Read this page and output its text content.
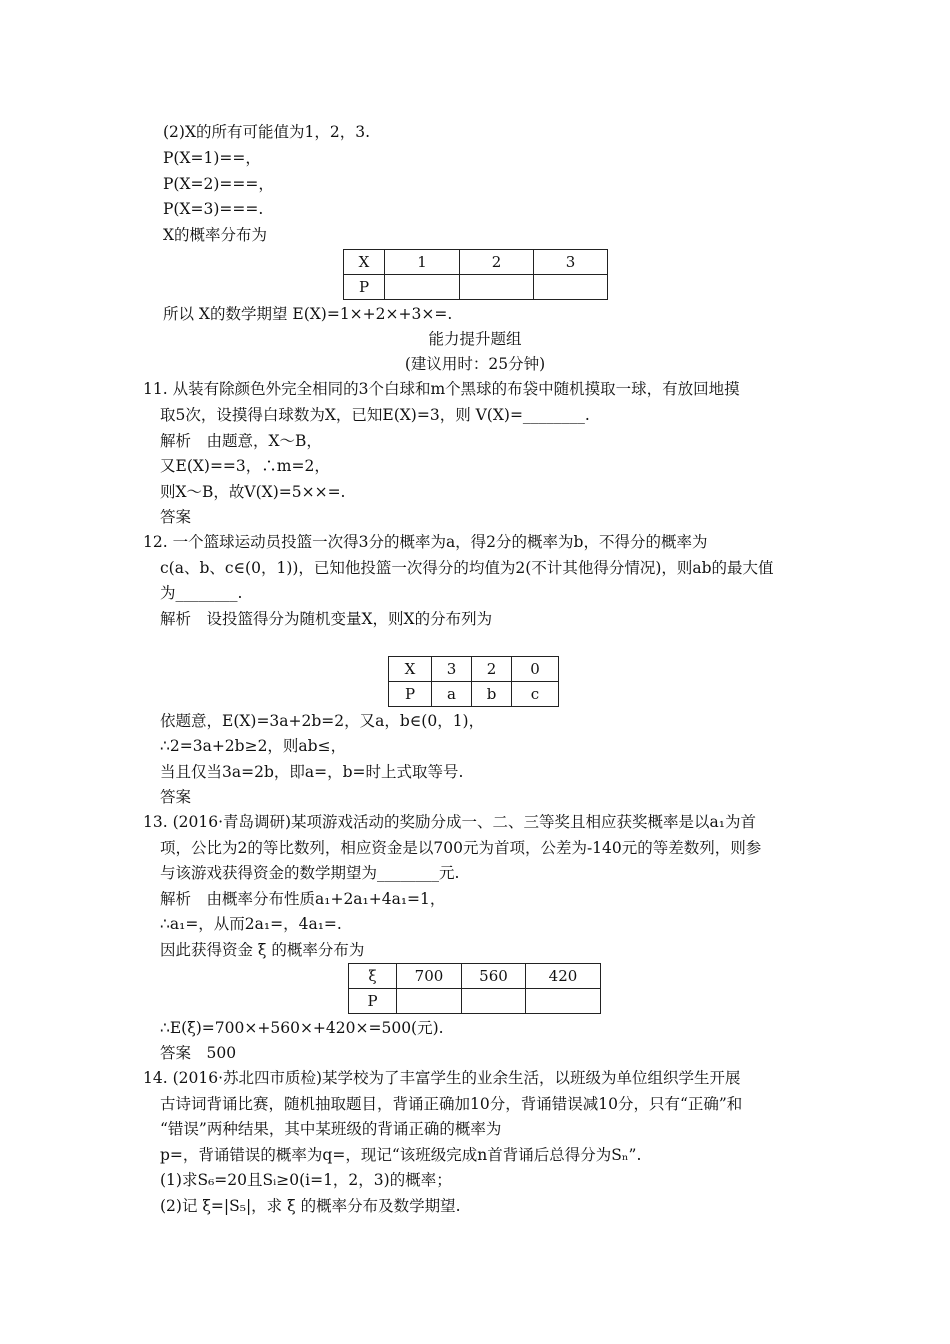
(2)X的所有可能值为1，2，3.
P(X=1)==，
P(X=2)===，
P(X=3)===.
X的概率分布为
X	1	2	3
P			
所以 X的数学期望 E(X)=1×+2×+3×=.
能力提升题组
(建议用时：25分钟)
11. 从装有除颜色外完全相同的3个白球和m个黑球的布袋中随机摸取一球，有放回地摸
取5次，设摸得白球数为X，已知E(X)=3，则 V(X)=________.
解析　由题意，X～B，
又E(X)==3，∴m=2，
则X～B，故V(X)=5××=.
答案
12. 一个篮球运动员投篮一次得3分的概率为a，得2分的概率为b，不得分的概率为
c(a、b、c∈(0，1))，已知他投篮一次得分的均值为2(不计其他得分情况)，则ab的最大值
为________.
解析　设投篮得分为随机变量X，则X的分布列为
X	3	2	0
P	a	b	c
依题意，E(X)=3a+2b=2，又a，b∈(0，1)，
∴2=3a+2b≥2，则ab≤，
当且仅当3a=2b，即a=，b=时上式取等号.
答案
13. (2016·青岛调研)某项游戏活动的奖励分成一、二、三等奖且相应获奖概率是以a₁为首
项，公比为2的等比数列，相应资金是以700元为首项，公差为-140元的等差数列，则参
与该游戏获得资金的数学期望为________元.
解析　由概率分布性质a₁+2a₁+4a₁=1，
∴a₁=，从而2a₁=，4a₁=.
因此获得资金 ξ 的概率分布为
ξ	700	560	420
P			
∴E(ξ)=700×+560×+420×=500(元).
答案　500
14. (2016·苏北四市质检)某学校为了丰富学生的业余生活，以班级为单位组织学生开展
古诗词背诵比赛，随机抽取题目，背诵正确加10分，背诵错误减10分，只有“正确”和
“错误”两种结果，其中某班级的背诵正确的概率为
p=，背诵错误的概率为q=，现记“该班级完成n首背诵后总得分为Sₙ”.
(1)求S₆=20且Sᵢ≥0(i=1，2，3)的概率；
(2)记 ξ=|S₅|，求 ξ 的概率分布及数学期望.
